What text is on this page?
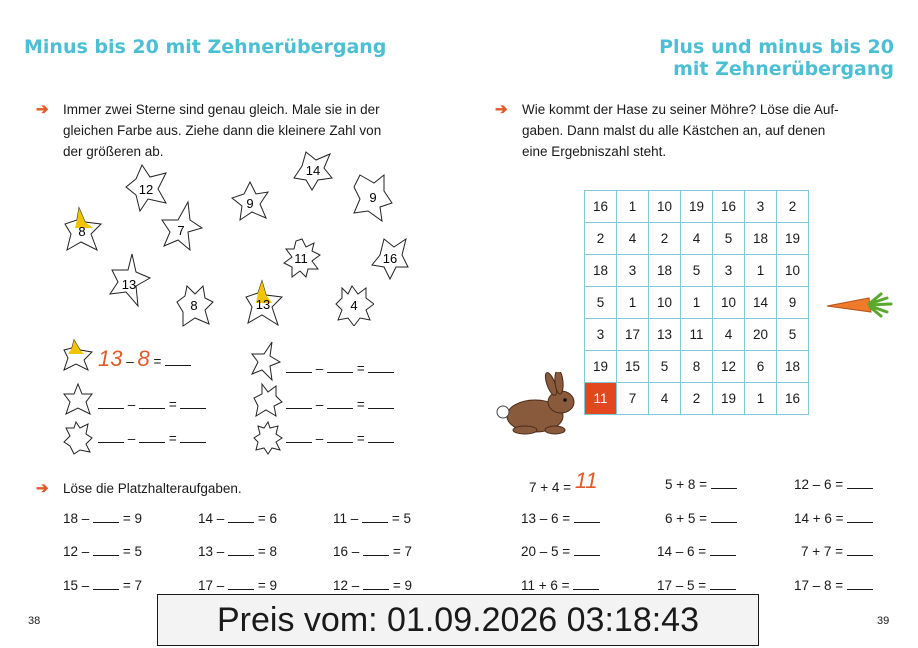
Minus bis 20 mit Zehnerübergang
➔ Immer zwei Sterne sind genau gleich. Male sie in der
gleichen Farbe aus. Ziehe dann die kleinere Zahl von
der größeren ab.
12
14
9	9
8	7
11	16
13
8	13	4
13 – 8 =
– =
– =
– =
– =
– =
➔ Löse die Platzhalteraufgaben.
18 – = 9	14 – = 6	11 – = 5
12 – = 5	13 – = 8	16 – = 7
15 – = 7	17 – = 9	12 – = 9
38
Plus und minus bis 20
mit Zehnerübergang
➔ Wie kommt der Hase zu seiner Möhre? Löse die Auf-
gaben. Dann malst du alle Kästchen an, auf denen
eine Ergebniszahl steht.
16	1	10	19	16	3	2
2	4	2	4	5	18	19
18	3	18	5	3	1	10
5	1	10	1	10	14	9
3	17	13	11	4	20	5
19	15	5	8	12	6	18
11	7	4	2	19	1	16
7 + 4 = 11	5 + 8 =	12 – 6 =
13 – 6 =	6 + 5 =	14 + 6 =
20 – 5 =	14 – 6 =	7 + 7 =
11 + 6 =	17 – 5 =	17 – 8 =
39
Preis vom: 01.09.2026 03:18:43
